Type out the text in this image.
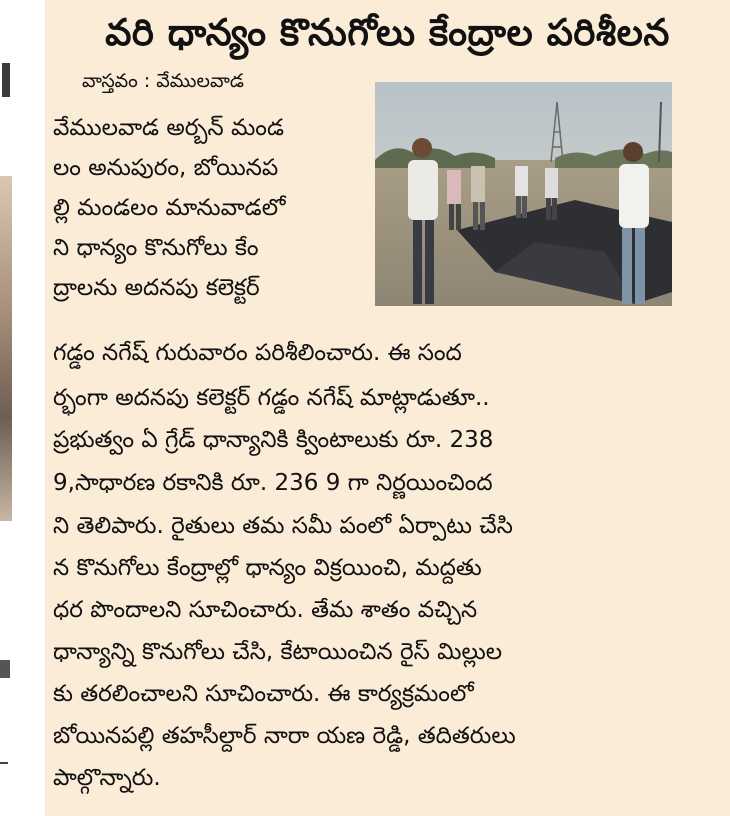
వరి ధాన్యం కొనుగోలు కేంద్రాల పరిశీలన
వాస్తవం : వేములవాడ
వేములవాడ అర్బన్ మండ
లం అనుపురం, బోయినప
ల్లి మండలం మానువాడలో
ని ధాన్యం కొనుగోలు కేం
ద్రాలను అదనపు కలెక్టర్
గడ్డం నగేష్ గురువారం పరిశీలించారు. ఈ సంద
ర్భంగా అదనపు కలెక్టర్ గడ్డం నగేష్ మాట్లాడుతూ..
ప్రభుత్వం ఏ గ్రేడ్ ధాన్యానికి క్వింటాలుకు రూ. 238
9,సాధారణ రకానికి రూ. 236 9 గా నిర్ణయించింద
ని తెలిపారు. రైతులు తమ సమీ పంలో ఏర్పాటు చేసి
న కొనుగోలు కేంద్రాల్లో ధాన్యం విక్రయించి, మద్దతు
ధర పొందాలని సూచించారు. తేమ శాతం వచ్చిన
ధాన్యాన్ని కొనుగోలు చేసి, కేటాయించిన రైస్ మిల్లుల
కు తరలించాలని సూచించారు. ఈ కార్యక్రమంలో
బోయినపల్లి తహసీల్దార్ నారా యణ రెడ్డి, తదితరులు
పాల్గొన్నారు.
